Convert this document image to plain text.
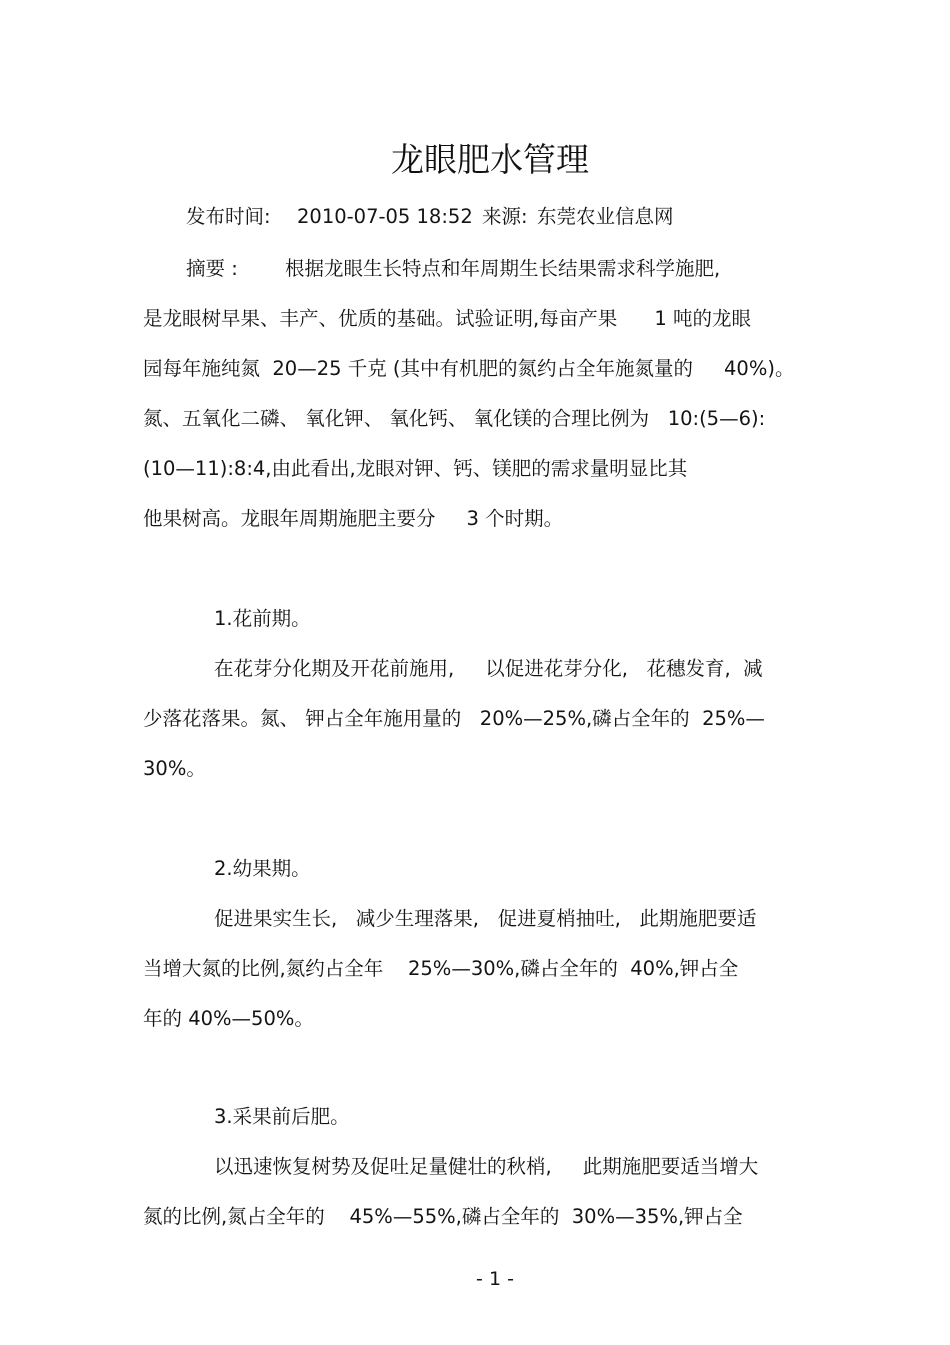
龙眼肥水管理
发布时间: 2010-07-05 18:52 来源: 东莞农业信息网
摘要 : 根据龙眼生长特点和年周期生长结果需求科学施肥,
是龙眼树早果、丰产、优质的基础。试验证明,每亩产果      1 吨的龙眼
园每年施纯氮  20—25 千克 (其中有机肥的氮约占全年施氮量的     40%)。
氮、五氧化二磷、 氧化钾、 氧化钙、 氧化镁的合理比例为   10:(5—6):
(10—11):8:4,由此看出,龙眼对钾、钙、镁肥的需求量明显比其
他果树高。龙眼年周期施肥主要分     3 个时期。
1.花前期。
在花芽分化期及开花前施用,     以促进花芽分化,   花穗发育,  减
少落花落果。氮、 钾占全年施用量的   20%—25%,磷占全年的  25%—
30%。
2.幼果期。
促进果实生长,   减少生理落果,   促进夏梢抽吐,   此期施肥要适
当增大氮的比例,氮约占全年    25%—30%,磷占全年的  40%,钾占全
年的 40%—50%。
3.采果前后肥。
以迅速恢复树势及促吐足量健壮的秋梢,     此期施肥要适当增大
氮的比例,氮占全年的    45%—55%,磷占全年的  30%—35%,钾占全
- 1 -
